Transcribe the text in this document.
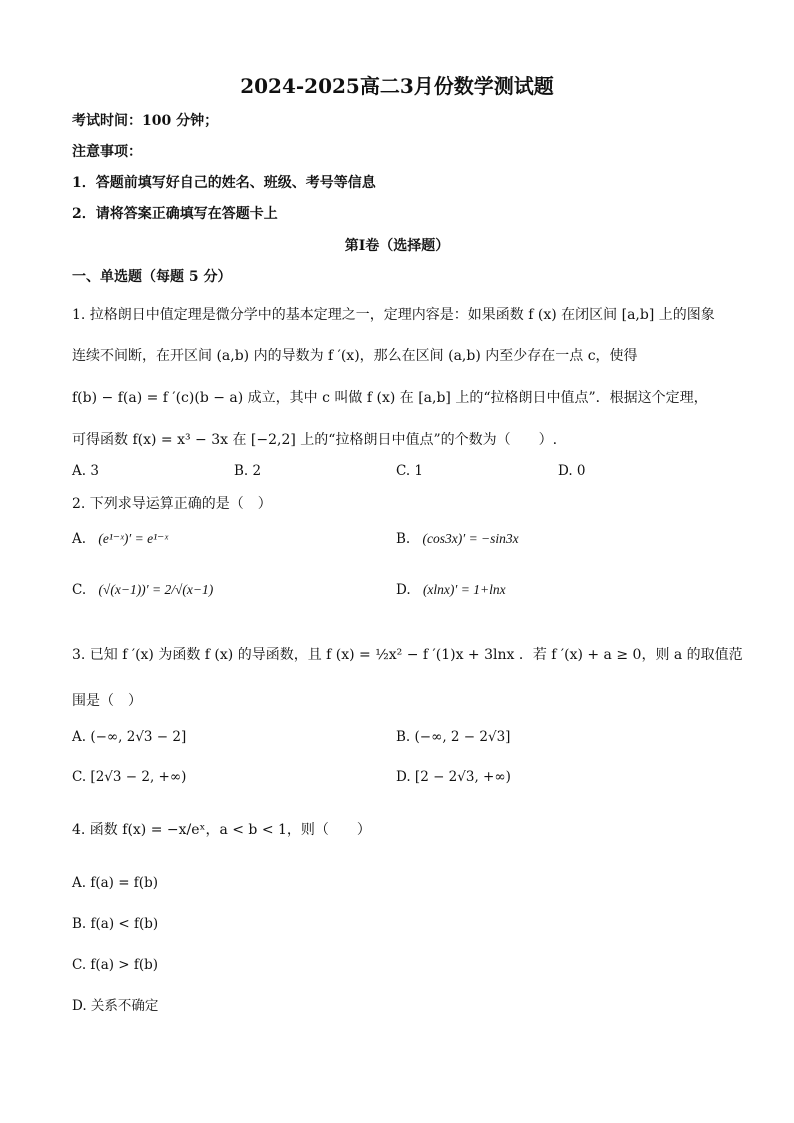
2024-2025高二3月份数学测试题
考试时间：100 分钟；
注意事项：
1．答题前填写好自己的姓名、班级、考号等信息
2．请将答案正确填写在答题卡上
第I卷（选择题）
一、单选题（每题 5 分）
1. 拉格朗日中值定理是微分学中的基本定理之一，定理内容是：如果函数 f (x) 在闭区间 [a,b] 上的图象
连续不间断，在开区间 (a,b) 内的导数为 f ′(x)，那么在区间 (a,b) 内至少存在一点 c，使得
f(b) − f(a) = f ′(c)(b − a) 成立，其中 c 叫做 f (x) 在 [a,b] 上的“拉格朗日中值点”．根据这个定理，
可得函数 f(x) = x³ − 3x 在 [−2,2] 上的“拉格朗日中值点”的个数为（　　）.
A. 3	B. 2	C. 1	D. 0
2. 下列求导运算正确的是（　）
A. (e¹⁻ˣ)′ = e¹⁻ˣ	B. (cos3x)′ = −sin3x
C. (√(x−1))′ = 2/√(x−1)	D. (xlnx)′ = 1+lnx
3. 已知 f ′(x) 为函数 f (x) 的导函数，且 f (x) = ½x² − f ′(1)x + 3lnx ．若 f ′(x) + a ≥ 0，则 a 的取值范
围是（　）
A. (−∞, 2√3 − 2]	B. (−∞, 2 − 2√3]
C. [2√3 − 2, +∞)	D. [2 − 2√3, +∞)
4. 函数 f(x) = −x/eˣ，a < b < 1，则（　　）
A. f(a) = f(b)
B. f(a) < f(b)
C. f(a) > f(b)
D. 关系不确定
